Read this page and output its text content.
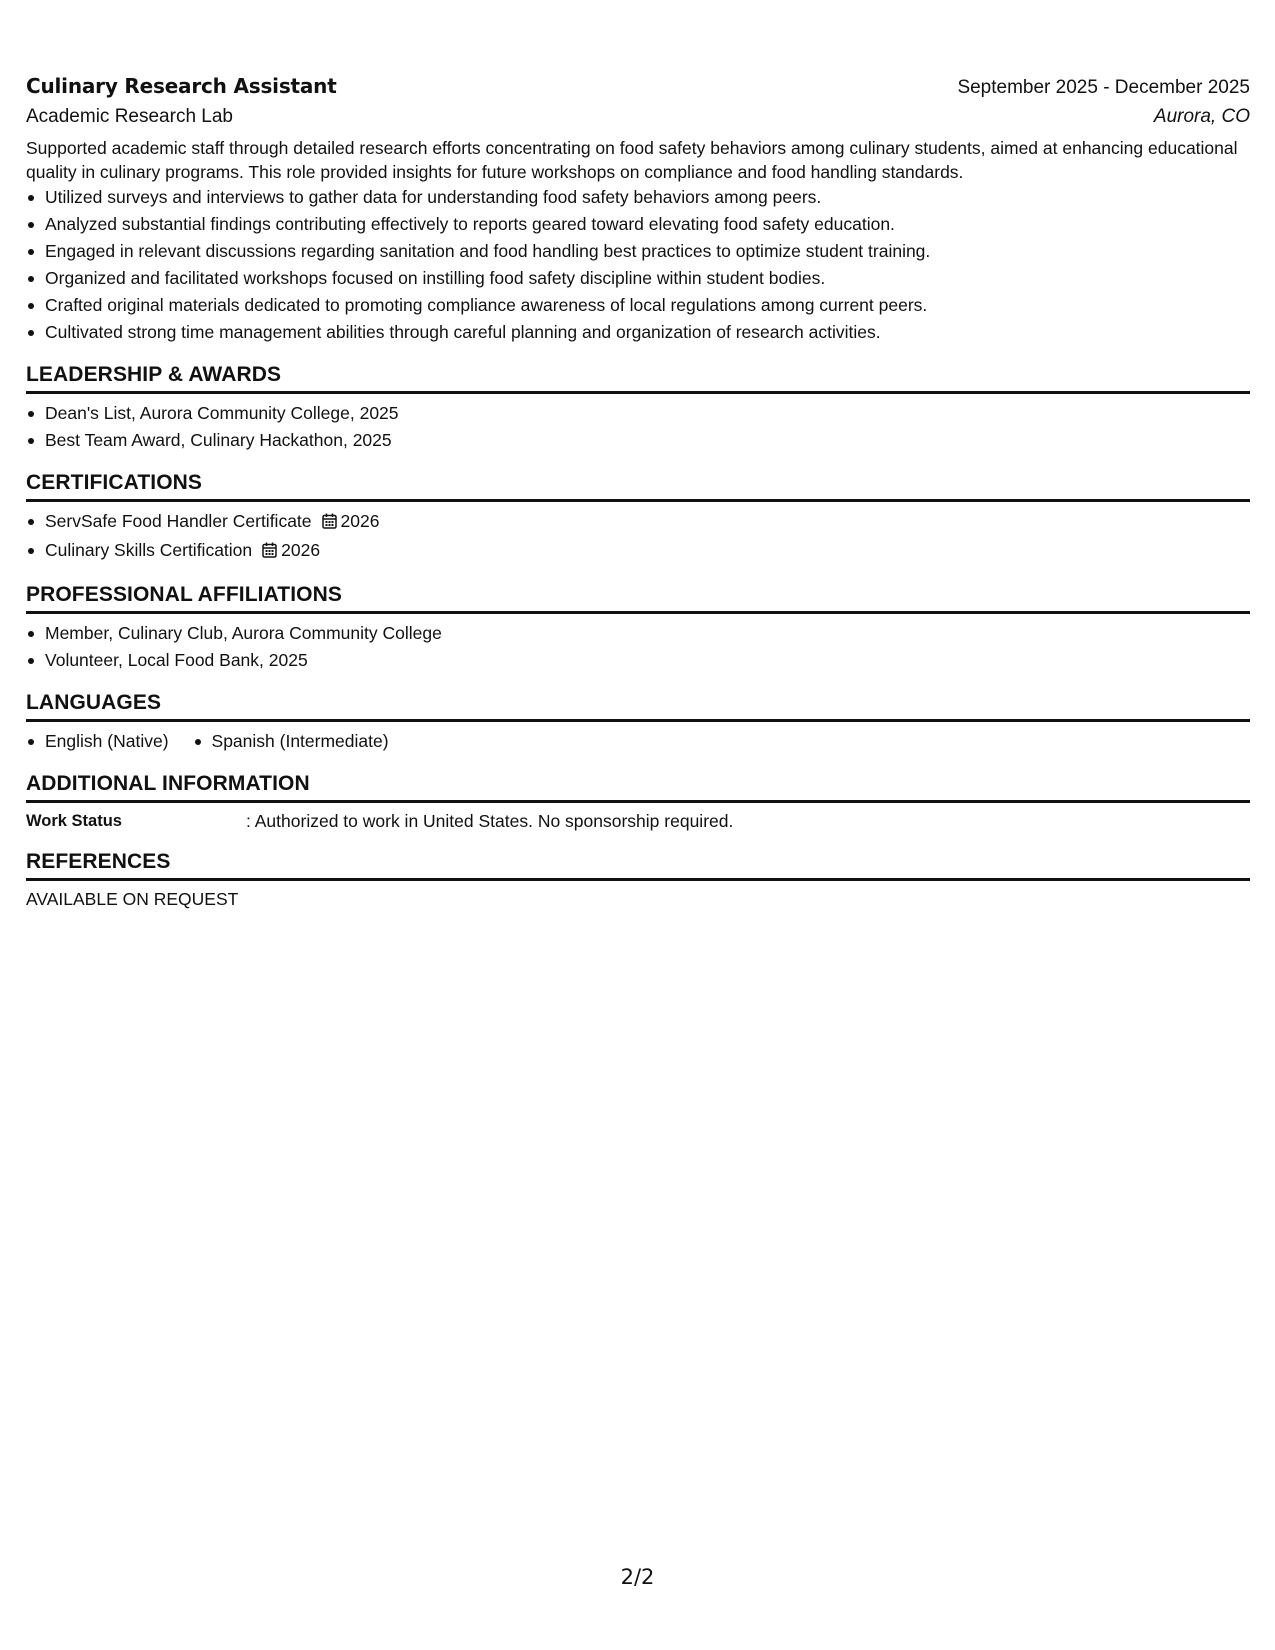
Culinary Research Assistant	September 2025 - December 2025
Academic Research Lab	Aurora, CO
Supported academic staff through detailed research efforts concentrating on food safety behaviors among culinary students, aimed at enhancing educational quality in culinary programs. This role provided insights for future workshops on compliance and food handling standards.
Utilized surveys and interviews to gather data for understanding food safety behaviors among peers.
Analyzed substantial findings contributing effectively to reports geared toward elevating food safety education.
Engaged in relevant discussions regarding sanitation and food handling best practices to optimize student training.
Organized and facilitated workshops focused on instilling food safety discipline within student bodies.
Crafted original materials dedicated to promoting compliance awareness of local regulations among current peers.
Cultivated strong time management abilities through careful planning and organization of research activities.
LEADERSHIP & AWARDS
Dean's List, Aurora Community College, 2025
Best Team Award, Culinary Hackathon, 2025
CERTIFICATIONS
ServSafe Food Handler Certificate 2026
Culinary Skills Certification 2026
PROFESSIONAL AFFILIATIONS
Member, Culinary Club, Aurora Community College
Volunteer, Local Food Bank, 2025
LANGUAGES
English (Native)	Spanish (Intermediate)
ADDITIONAL INFORMATION
Work Status	: Authorized to work in United States. No sponsorship required.
REFERENCES
AVAILABLE ON REQUEST
2/2
